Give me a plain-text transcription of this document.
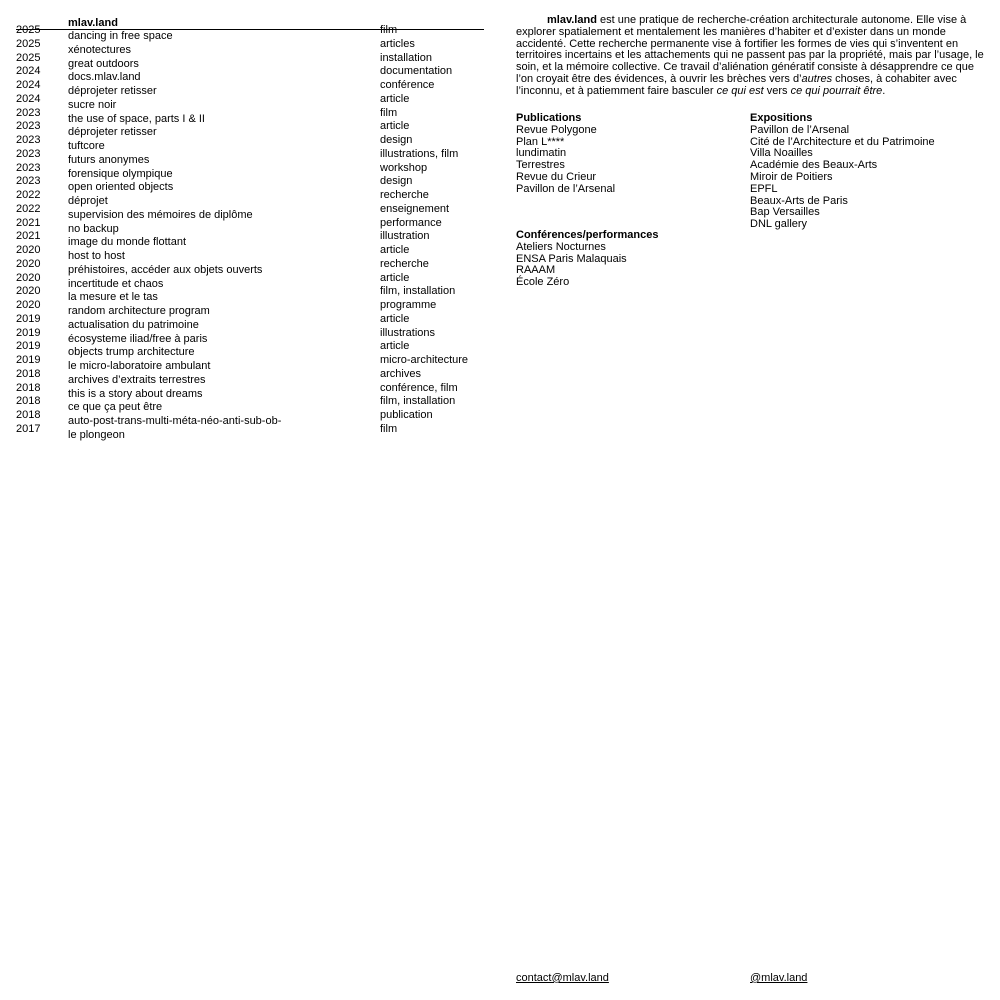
mlav.land
2025	dancing in free space	film
2025	xénotectures	articles
2025	great outdoors	installation
2024	docs.mlav.land	documentation
2024	déprojeter retisser	conférence
2024	sucre noir	article
2023	the use of space, parts I & II	film
2023	déprojeter retisser	article
2023	tuftcore	design
2023	futurs anonymes	illustrations, film
2023	forensique olympique	workshop
2023	open oriented objects	design
2022	déprojet	recherche
2022	supervision des mémoires de diplôme	enseignement
2021	no backup	performance
2021	image du monde flottant	illustration
2020	host to host	article
2020	préhistoires, accéder aux objets ouverts	recherche
2020	incertitude et chaos	article
2020	la mesure et le tas	film, installation
2020	random architecture program	programme
2019	actualisation du patrimoine	article
2019	écosysteme iliad/free à paris	illustrations
2019	objects trump architecture	article
2019	le micro-laboratoire ambulant	micro-architecture
2018	archives d’extraits terrestres	archives
2018	this is a story about dreams	conférence, film
2018	ce que ça peut être	film, installation
2018	auto-post-trans-multi-méta-néo-anti-sub-ob-	publication
2017	le plongeon	film
mlav.land est une pratique de recherche-création architecturale autonome. Elle vise à explorer spatialement et mentalement les manières d’habiter et d’exister dans un monde accidenté. Cette recherche permanente vise à fortifier les formes de vies qui s’inventent en territoires incertains et les attachements qui ne passent pas par la propriété, mais par l’usage, le soin, et la mémoire collective. Ce travail d’aliénation génératif consiste à désapprendre ce que l’on croyait être des évidences, à ouvrir les brèches vers d’autres choses, à cohabiter avec l’inconnu, et à patiemment faire basculer ce qui est vers ce qui pourrait être.
Publications
Revue Polygone
Plan L****
lundimatin
Terrestres
Revue du Crieur
Pavillon de l’Arsenal
Expositions
Pavillon de l’Arsenal
Cité de l’Architecture et du Patrimoine
Villa Noailles
Académie des Beaux-Arts
Miroir de Poitiers
EPFL
Beaux-Arts de Paris
Bap Versailles
DNL gallery
Conférences/performances
Ateliers Nocturnes
ENSA Paris Malaquais
RAAAM
École Zéro
contact@mlav.land	@mlav.land
